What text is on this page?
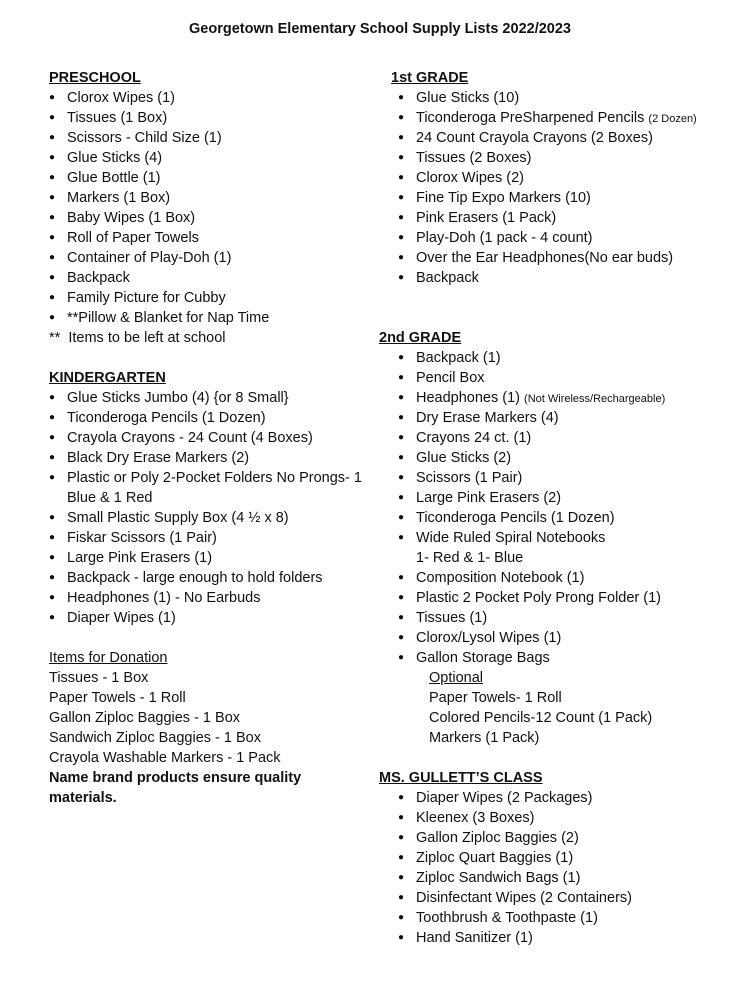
Georgetown Elementary School Supply Lists 2022/2023
PRESCHOOL
● Clorox Wipes (1)
● Tissues (1 Box)
● Scissors - Child Size (1)
● Glue Sticks (4)
● Glue Bottle (1)
● Markers (1 Box)
● Baby Wipes (1 Box)
● Roll of Paper Towels
● Container of Play-Doh (1)
● Backpack
● Family Picture for Cubby
● **Pillow & Blanket for Nap Time
** Items to be left at school
KINDERGARTEN
● Glue Sticks Jumbo (4) {or 8 Small}
● Ticonderoga Pencils (1 Dozen)
● Crayola Crayons - 24 Count (4 Boxes)
● Black Dry Erase Markers (2)
● Plastic or Poly 2-Pocket Folders No Prongs- 1
Blue & 1 Red
● Small Plastic Supply Box (4 ½ x 8)
● Fiskar Scissors (1 Pair)
● Large Pink Erasers (1)
● Backpack - large enough to hold folders
● Headphones (1) - No Earbuds
● Diaper Wipes (1)
Items for Donation
Tissues - 1 Box
Paper Towels - 1 Roll
Gallon Ziploc Baggies - 1 Box
Sandwich Ziploc Baggies - 1 Box
Crayola Washable Markers - 1 Pack
Name brand products ensure quality
materials.
1st GRADE
● Glue Sticks (10)
● Ticonderoga PreSharpened Pencils (2 Dozen)
● 24 Count Crayola Crayons (2 Boxes)
● Tissues (2 Boxes)
● Clorox Wipes (2)
● Fine Tip Expo Markers (10)
● Pink Erasers (1 Pack)
● Play-Doh (1 pack - 4 count)
● Over the Ear Headphones(No ear buds)
● Backpack
2nd GRADE
● Backpack (1)
● Pencil Box
● Headphones (1) (Not Wireless/Rechargeable)
● Dry Erase Markers (4)
● Crayons 24 ct. (1)
● Glue Sticks (2)
● Scissors (1 Pair)
● Large Pink Erasers (2)
● Ticonderoga Pencils (1 Dozen)
● Wide Ruled Spiral Notebooks
1- Red & 1- Blue
● Composition Notebook (1)
● Plastic 2 Pocket Poly Prong Folder (1)
● Tissues (1)
● Clorox/Lysol Wipes (1)
● Gallon Storage Bags
Optional
Paper Towels- 1 Roll
Colored Pencils-12 Count (1 Pack)
Markers (1 Pack)
MS. GULLETT’S CLASS
● Diaper Wipes (2 Packages)
● Kleenex (3 Boxes)
● Gallon Ziploc Baggies (2)
● Ziploc Quart Baggies (1)
● Ziploc Sandwich Bags (1)
● Disinfectant Wipes (2 Containers)
● Toothbrush & Toothpaste (1)
● Hand Sanitizer (1)
